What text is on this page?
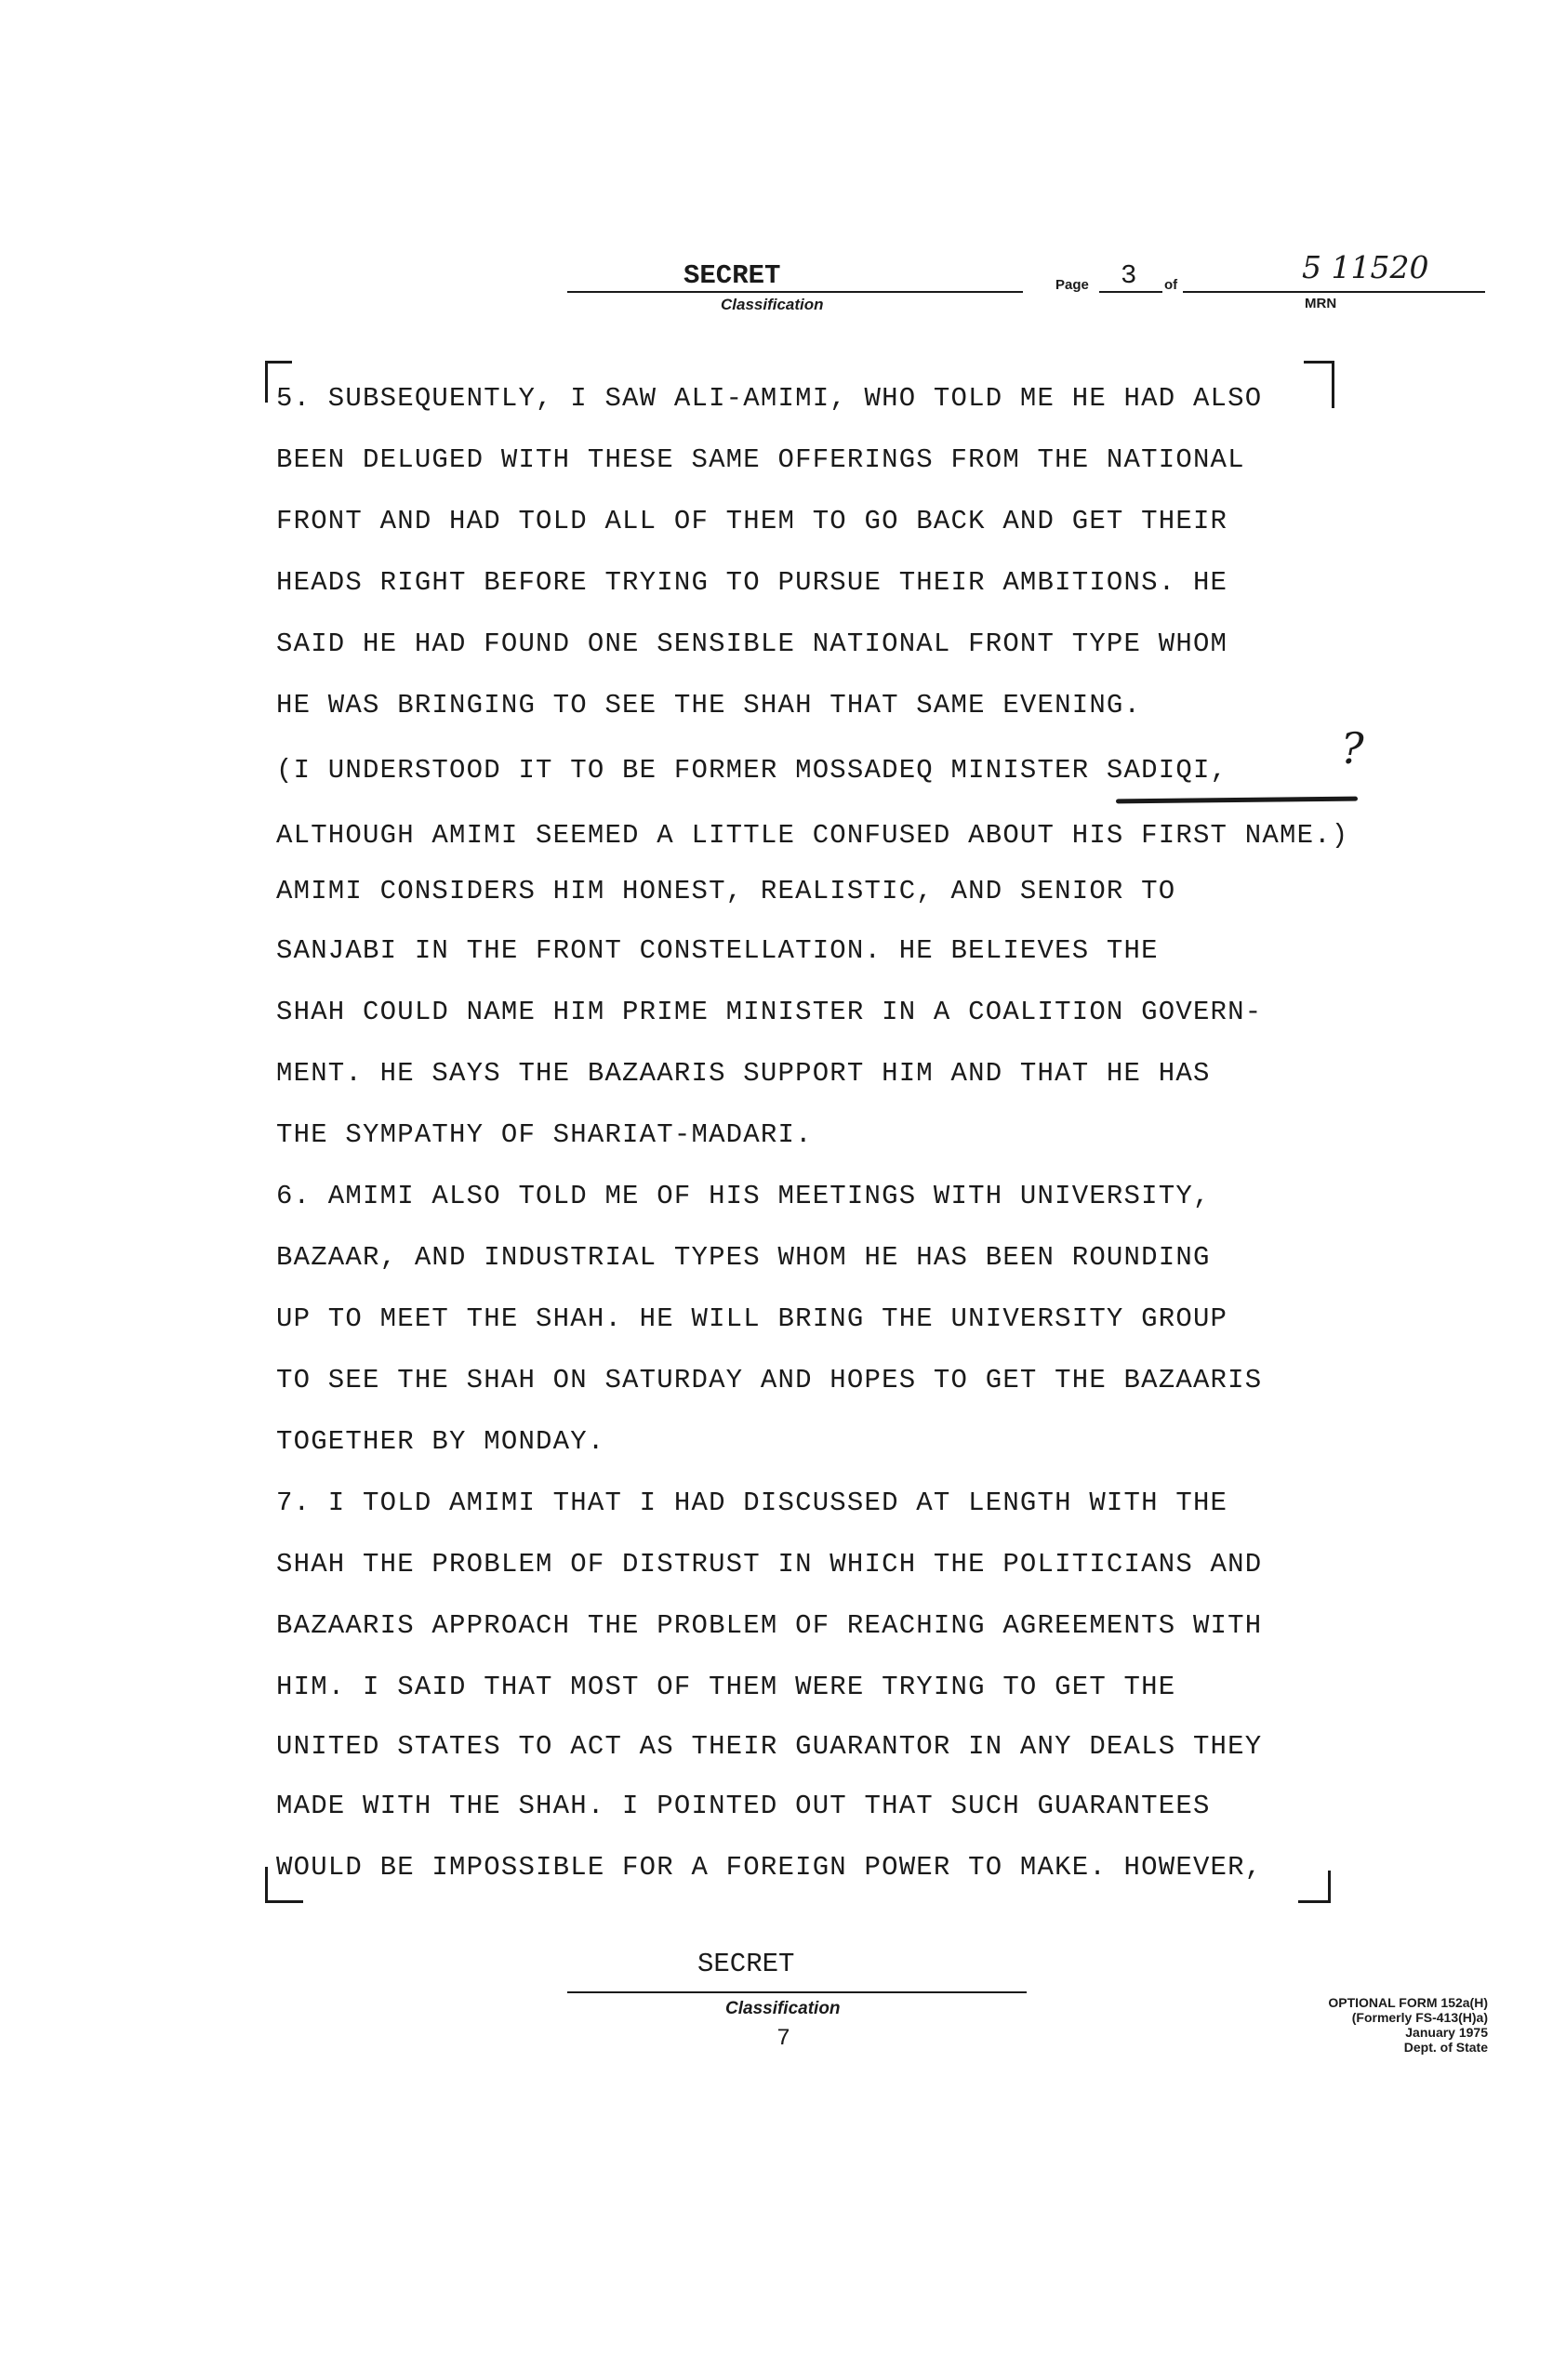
SECRET
Classification
Page 3 of	5 11520
MRN
5. SUBSEQUENTLY, I SAW ALI-AMIMI, WHO TOLD ME HE HAD ALSO
BEEN DELUGED WITH THESE SAME OFFERINGS FROM THE NATIONAL
FRONT AND HAD TOLD ALL OF THEM TO GO BACK AND GET THEIR
HEADS RIGHT BEFORE TRYING TO PURSUE THEIR AMBITIONS. HE
SAID HE HAD FOUND ONE SENSIBLE NATIONAL FRONT TYPE WHOM
HE WAS BRINGING TO SEE THE SHAH THAT SAME EVENING.
(I UNDERSTOOD IT TO BE FORMER MOSSADEQ MINISTER SADIQI,
ALTHOUGH AMIMI SEEMED A LITTLE CONFUSED ABOUT HIS FIRST NAME.)
AMIMI CONSIDERS HIM HONEST, REALISTIC, AND SENIOR TO
SANJABI IN THE FRONT CONSTELLATION. HE BELIEVES THE
SHAH COULD NAME HIM PRIME MINISTER IN A COALITION GOVERN-
MENT. HE SAYS THE BAZAARIS SUPPORT HIM AND THAT HE HAS
THE SYMPATHY OF SHARIAT-MADARI.
6. AMIMI ALSO TOLD ME OF HIS MEETINGS WITH UNIVERSITY,
BAZAAR, AND INDUSTRIAL TYPES WHOM HE HAS BEEN ROUNDING
UP TO MEET THE SHAH. HE WILL BRING THE UNIVERSITY GROUP
TO SEE THE SHAH ON SATURDAY AND HOPES TO GET THE BAZAARIS
TOGETHER BY MONDAY.
7. I TOLD AMIMI THAT I HAD DISCUSSED AT LENGTH WITH THE
SHAH THE PROBLEM OF DISTRUST IN WHICH THE POLITICIANS AND
BAZAARIS APPROACH THE PROBLEM OF REACHING AGREEMENTS WITH
HIM. I SAID THAT MOST OF THEM WERE TRYING TO GET THE
UNITED STATES TO ACT AS THEIR GUARANTOR IN ANY DEALS THEY
MADE WITH THE SHAH. I POINTED OUT THAT SUCH GUARANTEES
WOULD BE IMPOSSIBLE FOR A FOREIGN POWER TO MAKE. HOWEVER,
?
SECRET
Classification
7
OPTIONAL FORM 152a(H)
(Formerly FS-413(H)a)
January 1975
Dept. of State
